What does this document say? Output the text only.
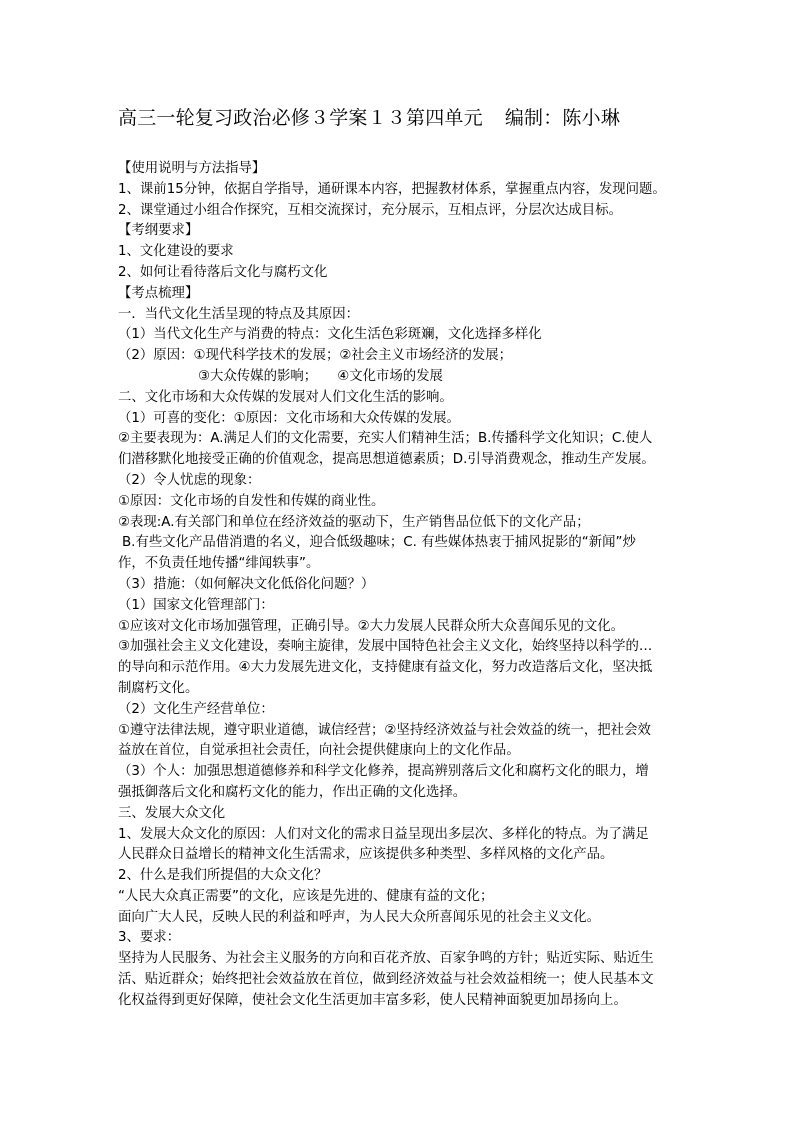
高三一轮复习政治必修３学案１３第四单元 编制：陈小琳
【使用说明与方法指导】
1、课前15分钟，依据自学指导，通研课本内容，把握教材体系，掌握重点内容，发现问题。
2、课堂通过小组合作探究，互相交流探讨，充分展示，互相点评，分层次达成目标。
【考纲要求】
1、文化建设的要求
2、如何让看待落后文化与腐朽文化
【考点梳理】
一．当代文化生活呈现的特点及其原因：
（1）当代文化生产与消费的特点：文化生活色彩斑斓，文化选择多样化
（2）原因：①现代科学技术的发展；②社会主义市场经济的发展；
③大众传媒的影响；　　④文化市场的发展
二、文化市场和大众传媒的发展对人们文化生活的影响。
（1）可喜的变化：①原因：文化市场和大众传媒的发展。
②主要表现为：A.满足人们的文化需要，充实人们精神生活；B.传播科学文化知识；C.使人
们潜移默化地接受正确的价值观念，提高思想道德素质；D.引导消费观念，推动生产发展。
（2）令人忧虑的现象：
①原因：文化市场的自发性和传媒的商业性。
②表现:A.有关部门和单位在经济效益的驱动下，生产销售品位低下的文化产品；
B.有些文化产品借消遣的名义，迎合低级趣味；C. 有些媒体热衷于捕风捉影的“新闻”炒
作，不负责任地传播“绯闻轶事”。
（3）措施：（如何解决文化低俗化问题？）
（1）国家文化管理部门：
①应该对文化市场加强管理，正确引导。②大力发展人民群众所大众喜闻乐见的文化。
③加强社会主义文化建设，奏响主旋律，发展中国特色社会主义文化，始终坚持以科学的…
的导向和示范作用。④大力发展先进文化，支持健康有益文化，努力改造落后文化，坚决抵
制腐朽文化。
（2）文化生产经营单位：
①遵守法律法规，遵守职业道德，诚信经营；②坚持经济效益与社会效益的统一，把社会效
益放在首位，自觉承担社会责任，向社会提供健康向上的文化作品。
（3）个人：加强思想道德修养和科学文化修养，提高辨别落后文化和腐朽文化的眼力，增
强抵御落后文化和腐朽文化的能力，作出正确的文化选择。
三、发展大众文化
1、发展大众文化的原因：人们对文化的需求日益呈现出多层次、多样化的特点。为了满足
人民群众日益增长的精神文化生活需求，应该提供多种类型、多样风格的文化产品。
2、什么是我们所提倡的大众文化？
“人民大众真正需要”的文化，应该是先进的、健康有益的文化；
面向广大人民，反映人民的利益和呼声，为人民大众所喜闻乐见的社会主义文化。
3、要求：
坚持为人民服务、为社会主义服务的方向和百花齐放、百家争鸣的方针；贴近实际、贴近生
活、贴近群众；始终把社会效益放在首位，做到经济效益与社会效益相统一；使人民基本文
化权益得到更好保障，使社会文化生活更加丰富多彩，使人民精神面貌更加昂扬向上。
